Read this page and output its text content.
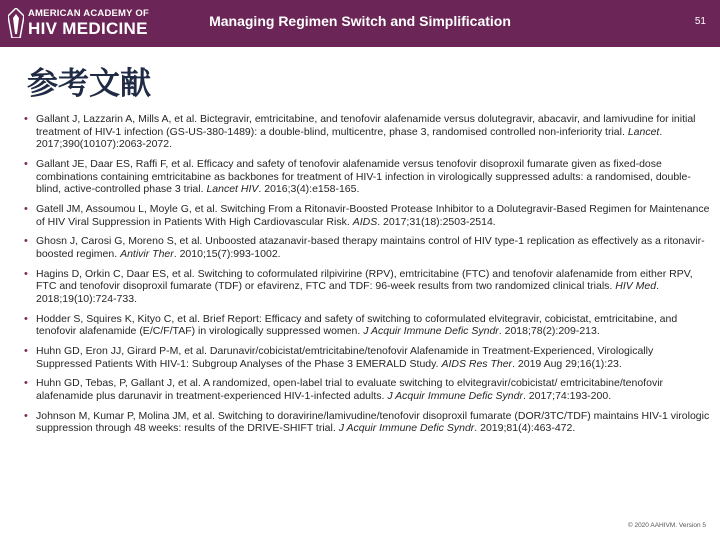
AMERICAN ACADEMY OF
HIV MEDICINE	Managing Regimen Switch and Simplification	51
参考文献
• Gallant J, Lazzarin A, Mills A, et al. Bictegravir, emtricitabine, and tenofovir alafenamide versus dolutegravir, abacavir, and lamivudine for initial treatment of HIV-1 infection (GS-US-380-1489): a double-blind, multicentre, phase 3, randomised controlled non-inferiority trial. Lancet. 2017;390(10107):2063-2072.
• Gallant JE, Daar ES, Raffi F, et al. Efficacy and safety of tenofovir alafenamide versus tenofovir disoproxil fumarate given as fixed-dose combinations containing emtricitabine as backbones for treatment of HIV-1 infection in virologically suppressed adults: a randomised, double-blind, active-controlled phase 3 trial. Lancet HIV. 2016;3(4):e158-165.
• Gatell JM, Assoumou L, Moyle G, et al. Switching From a Ritonavir-Boosted Protease Inhibitor to a Dolutegravir-Based Regimen for Maintenance of HIV Viral Suppression in Patients With High Cardiovascular Risk. AIDS. 2017;31(18):2503-2514.
• Ghosn J, Carosi G, Moreno S, et al. Unboosted atazanavir-based therapy maintains control of HIV type-1 replication as effectively as a ritonavir-boosted regimen. Antivir Ther. 2010;15(7):993-1002.
• Hagins D, Orkin C, Daar ES, et al. Switching to coformulated rilpivirine (RPV), emtricitabine (FTC) and tenofovir alafenamide from either RPV, FTC and tenofovir disoproxil fumarate (TDF) or efavirenz, FTC and TDF: 96-week results from two randomized clinical trials. HIV Med. 2018;19(10):724-733.
• Hodder S, Squires K, Kityo C, et al. Brief Report: Efficacy and safety of switching to coformulated elvitegravir, cobicistat, emtricitabine, and tenofovir alafenamide (E/C/F/TAF) in virologically suppressed women. J Acquir Immune Defic Syndr. 2018;78(2):209-213.
• Huhn GD, Eron JJ, Girard P-M, et al. Darunavir/cobicistat/emtricitabine/tenofovir Alafenamide in Treatment-Experienced, Virologically Suppressed Patients With HIV-1: Subgroup Analyses of the Phase 3 EMERALD Study. AIDS Res Ther. 2019 Aug 29;16(1):23.
• Huhn GD, Tebas, P, Gallant J, et al. A randomized, open-label trial to evaluate switching to elvitegravir/cobicistat/ emtricitabine/tenofovir alafenamide plus darunavir in treatment-experienced HIV-1-infected adults. J Acquir Immune Defic Syndr. 2017;74:193-200.
• Johnson M, Kumar P, Molina JM, et al. Switching to doravirine/lamivudine/tenofovir disoproxil fumarate (DOR/3TC/TDF) maintains HIV-1 virologic suppression through 48 weeks: results of the DRIVE-SHIFT trial. J Acquir Immune Defic Syndr. 2019;81(4):463-472.
© 2020 AAHIVM. Version 5
